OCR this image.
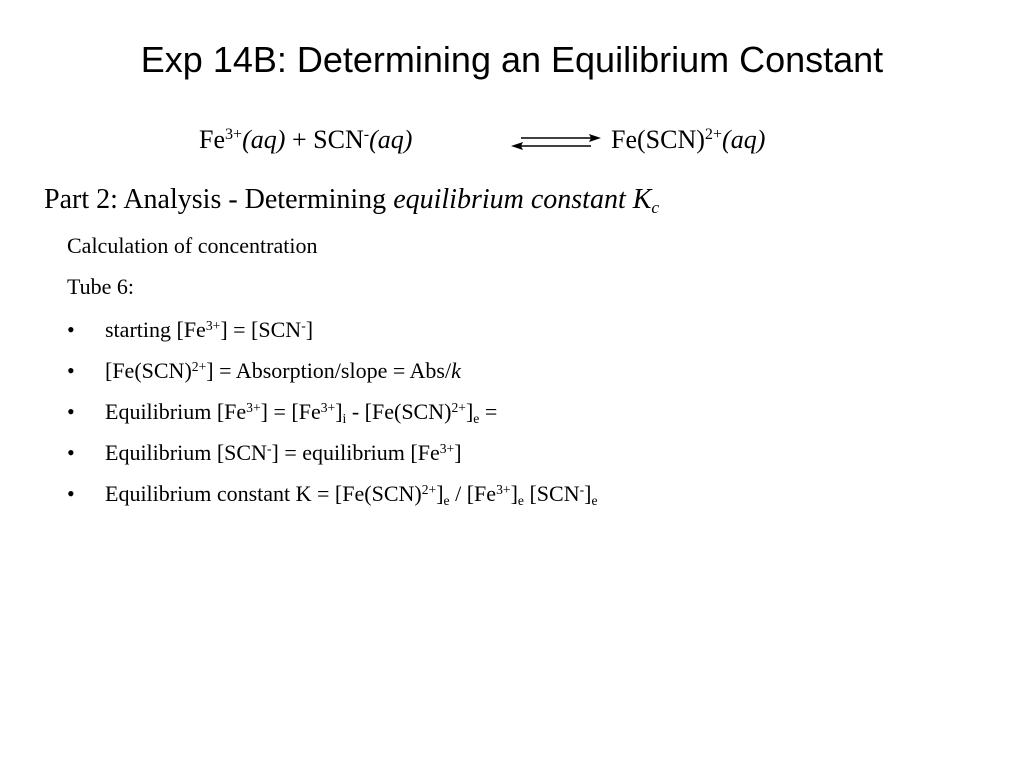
Exp 14B: Determining an Equilibrium Constant
$Fe^{3+}(aq) + SCN^-(aq)$	Fe(SCN)$^{2+}$(aq)
Part 2: Analysis - Determining equilibrium constant $K_c$
Calculation of concentration
Tube 6:
• starting $[Fe^{3+}] = [SCN^-]$
• [Fe(SCN)$^{2+}$] = Absorption/slope = Abs/k
• Equilibrium $[Fe^{3+}] = [Fe^{3+}]_i - [Fe(SCN)^{2+}]_e$ =
• Equilibrium [SCN-] = equilibrium $[Fe^{3+}]$
• Equilibrium constant $K = [Fe(SCN)^{2+}]_e / [Fe^{3+}]_e$ $[SCN^-]_e$
